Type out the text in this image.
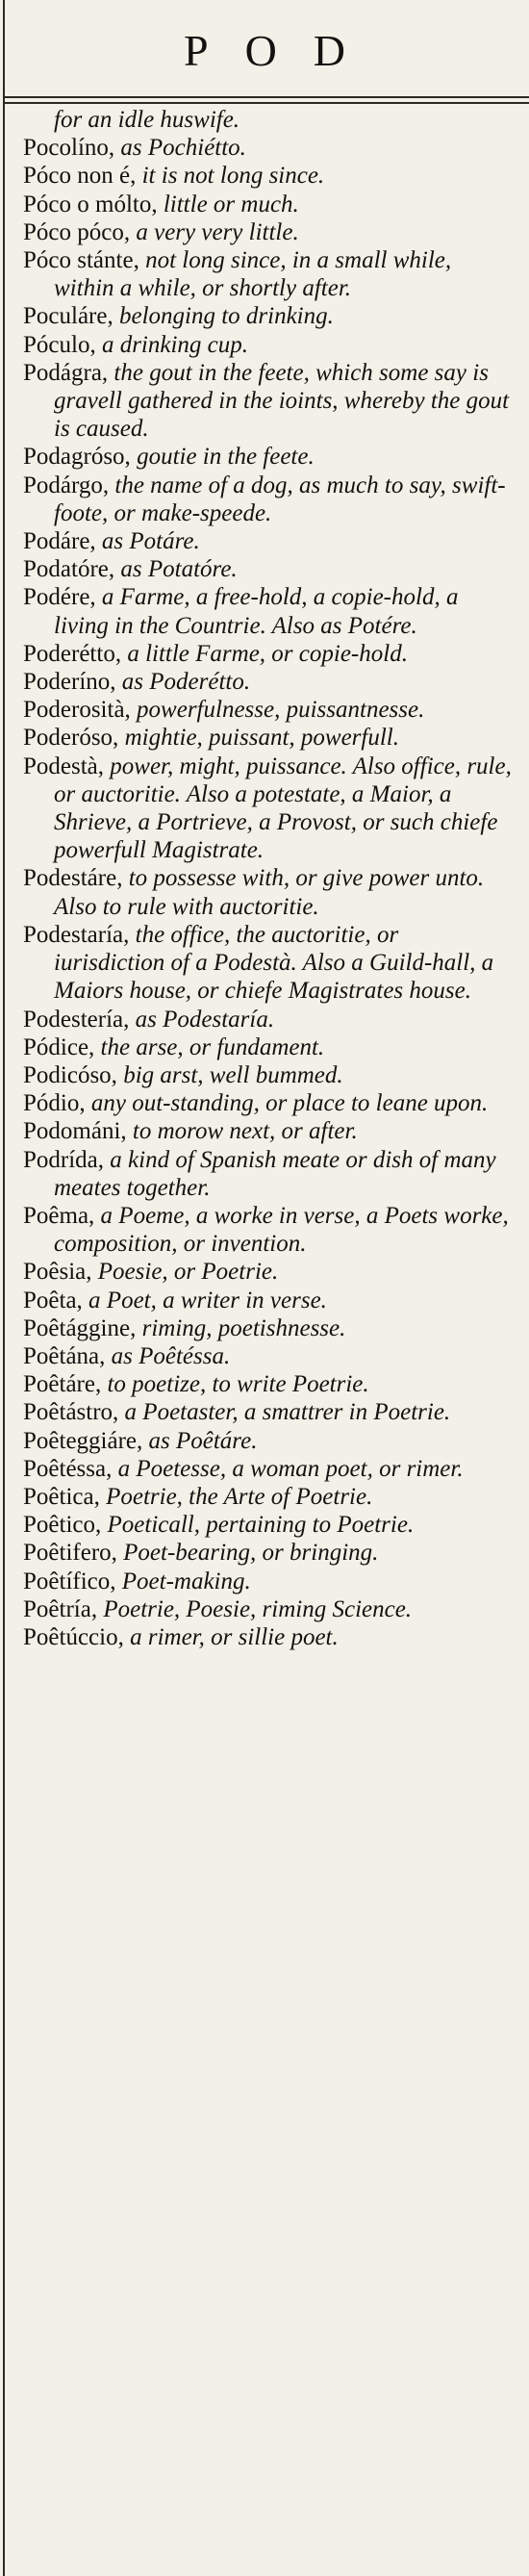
POD

for an idle huswife.

Pocolíno, as Pochiétto.

Póco non é, it is not long since.

Póco o mólto, little or much.

Póco póco, a very very little.

Póco stánte, not long since, in a small while, within a while, or shortly after.

Poculáre, belonging to drinking.

Póculo, a drinking cup.

Podágra, the gout in the feete, which some say is gravell gathered in the ioints, whereby the gout is caused.

Podagróso, goutie in the feete.

Podárgo, the name of a dog, as much to say, swift-foote, or make-speede.

Podáre, as Potáre.

Podatóre, as Potatóre.

Podére, a Farme, a free-hold, a copie-hold, a living in the Countrie. Also as Potére.

Poderétto, a little Farme, or copie-hold.

Poderíno, as Poderétto.

Poderosità, powerfulnesse, puissantnesse.

Poderóso, mightie, puissant, powerfull.

Podestà, power, might, puissance. Also office, rule, or auctoritie. Also a potestate, a Maior, a Shrieve, a Portrieve, a Provost, or such chiefe powerfull Magistrate.

Podestáre, to possesse with, or give power unto. Also to rule with auctoritie.

Podestaría, the office, the auctoritie, or iurisdiction of a Podestà. Also a Guild-hall, a Maiors house, or chiefe Magistrates house.

Podestería, as Podestaría.

Pódice, the arse, or fundament.

Podicóso, big arst, well bummed.

Pódio, any out-standing, or place to leane upon.

Podománi, to morow next, or after.

Podrída, a kind of Spanish meate or dish of many meates together.

Poêma, a Poeme, a worke in verse, a Poets worke, composition, or invention.

Poêsia, Poesie, or Poetrie.

Poêta, a Poet, a writer in verse.

Poêtággine, riming, poetishnesse.

Poêtána, as Poêtéssa.

Poêtáre, to poetize, to write Poetrie.

Poêtástro, a Poetaster, a smattrer in Poetrie.

Poêteggiáre, as Poêtáre.

Poêtéssa, a Poetesse, a woman poet, or rimer.

Poêtica, Poetrie, the Arte of Poetrie.

Poêtico, Poeticall, pertaining to Poetrie.

Poêtifero, Poet-bearing, or bringing.

Poêtífico, Poet-making.

Poêtría, Poetrie, Poesie, riming Science.

Poêtúccio, a rimer, or sillie poet.
